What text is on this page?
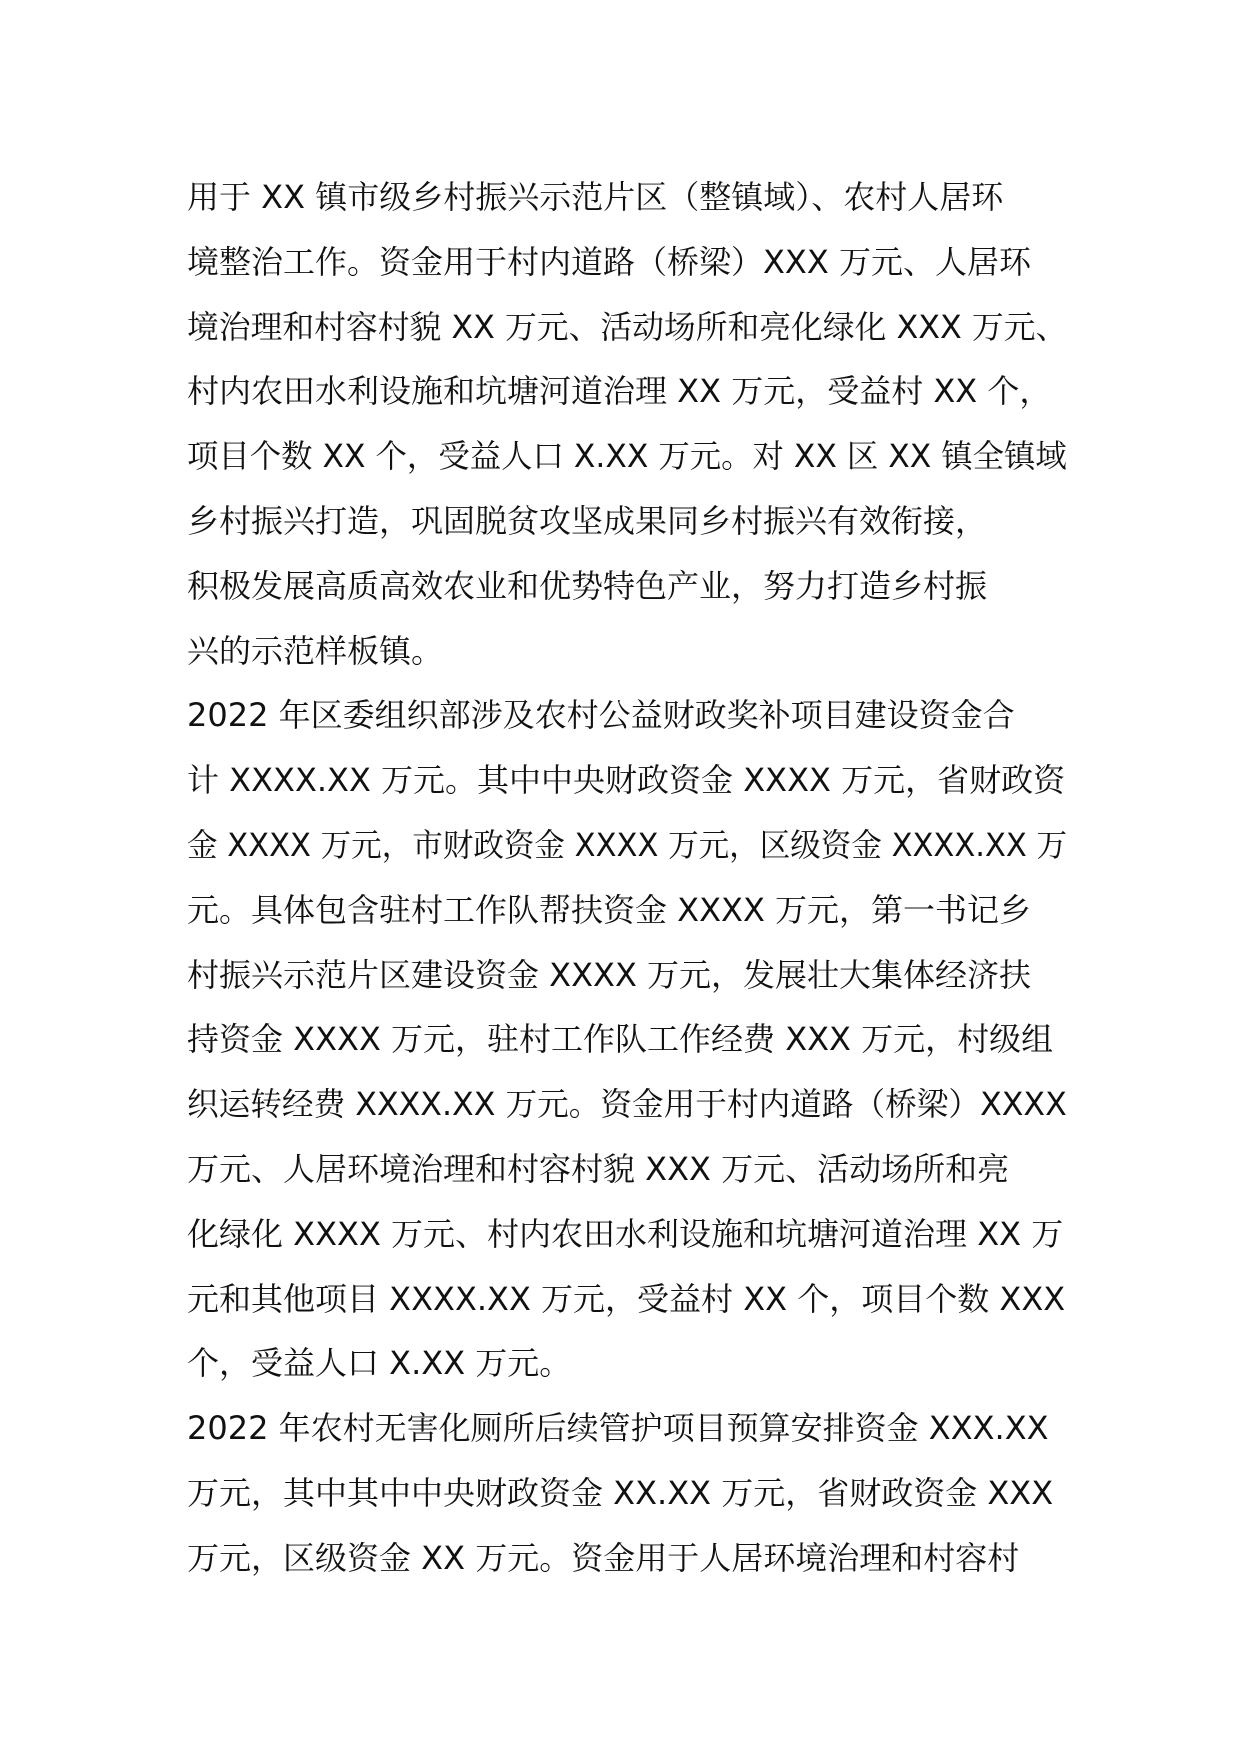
用于 XX 镇市级乡村振兴示范片区（整镇域）、农村人居环
境整治工作。资金用于村内道路（桥梁）XXX 万元、人居环
境治理和村容村貌 XX 万元、活动场所和亮化绿化 XXX 万元、
村内农田水利设施和坑塘河道治理 XX 万元，受益村 XX 个，
项目个数 XX 个，受益人口 X.XX 万元。对 XX 区 XX 镇全镇域
乡村振兴打造，巩固脱贫攻坚成果同乡村振兴有效衔接，
积极发展高质高效农业和优势特色产业，努力打造乡村振
兴的示范样板镇。

2022 年区委组织部涉及农村公益财政奖补项目建设资金合
计 XXXX.XX 万元。其中中央财政资金 XXXX 万元，省财政资
金 XXXX 万元，市财政资金 XXXX 万元，区级资金 XXXX.XX 万
元。具体包含驻村工作队帮扶资金 XXXX 万元，第一书记乡
村振兴示范片区建设资金 XXXX 万元，发展壮大集体经济扶
持资金 XXXX 万元，驻村工作队工作经费 XXX 万元，村级组
织运转经费 XXXX.XX 万元。资金用于村内道路（桥梁）XXXX
万元、人居环境治理和村容村貌 XXX 万元、活动场所和亮
化绿化 XXXX 万元、村内农田水利设施和坑塘河道治理 XX 万
元和其他项目 XXXX.XX 万元，受益村 XX 个，项目个数 XXX
个，受益人口 X.XX 万元。

2022 年农村无害化厕所后续管护项目预算安排资金 XXX.XX
万元，其中其中中央财政资金 XX.XX 万元，省财政资金 XXX
万元，区级资金 XX 万元。资金用于人居环境治理和村容村
